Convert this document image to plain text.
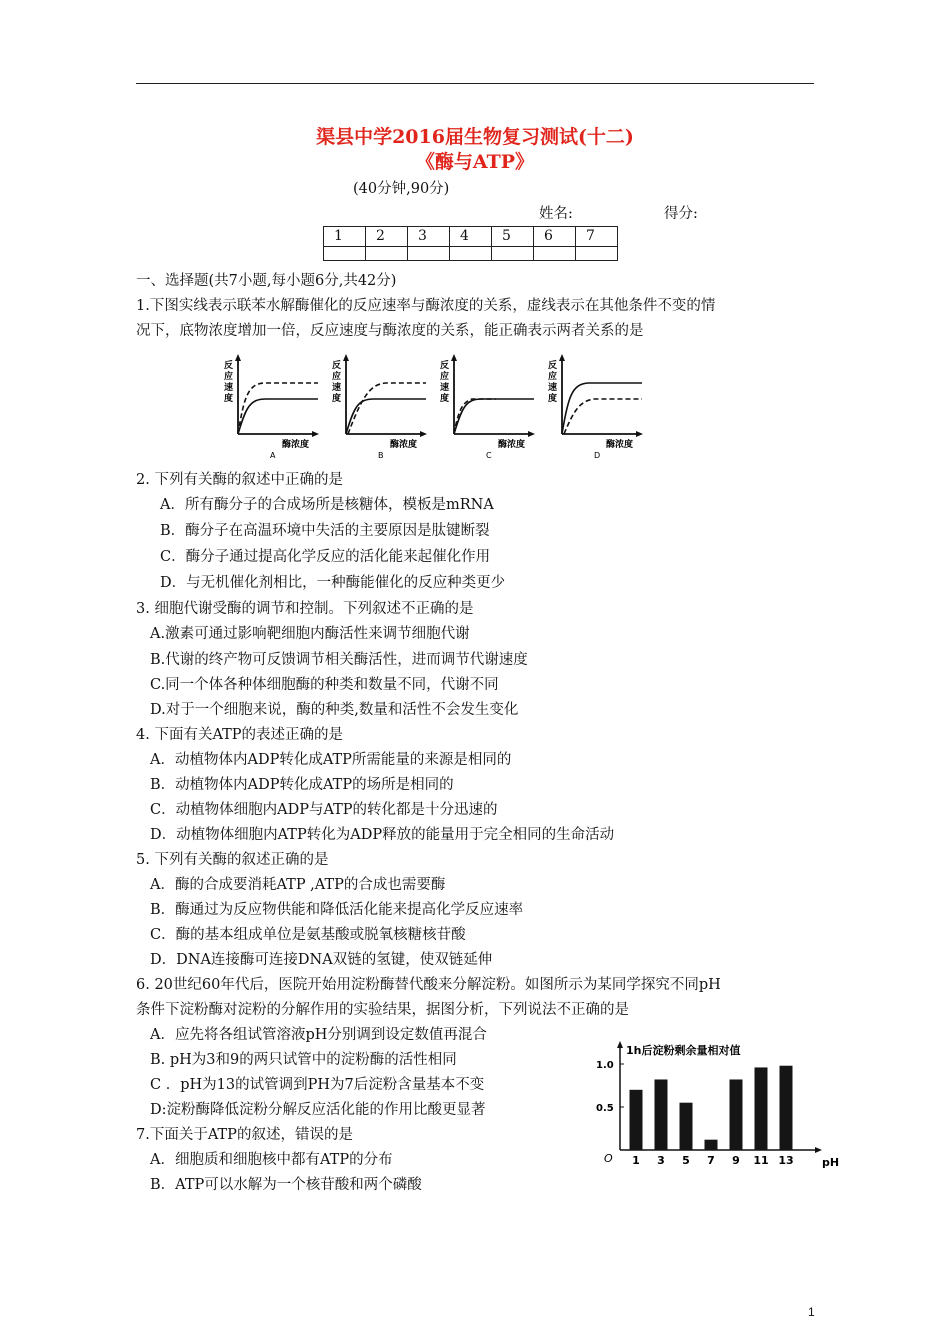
渠县中学2016届生物复习测试(十二)
《酶与ATP》
(40分钟,90分)
姓名:	得分:
1	2	3	4	5	6	7

一、选择题(共7小题,每小题6分,共42分)
1.下图实线表示联苯水解酶催化的反应速率与酶浓度的关系，虚线表示在其他条件不变的情
况下，底物浓度增加一倍，反应速度与酶浓度的关系，能正确表示两者关系的是
反
应
速
度
酶浓度
A
反
应
速
度
酶浓度
B
反
应
速
度
酶浓度
C
反
应
速
度
酶浓度
D
2. 下列有关酶的叙述中正确的是
A．所有酶分子的合成场所是核糖体，模板是mRNA
B．酶分子在高温环境中失活的主要原因是肽键断裂
C．酶分子通过提高化学反应的活化能来起催化作用
D．与无机催化剂相比，一种酶能催化的反应种类更少
3. 细胞代谢受酶的调节和控制。下列叙述不正确的是
A.激素可通过影响靶细胞内酶活性来调节细胞代谢
B.代谢的终产物可反馈调节相关酶活性，进而调节代谢速度
C.同一个体各种体细胞酶的种类和数量不同，代谢不同
D.对于一个细胞来说，酶的种类,数量和活性不会发生变化
4. 下面有关ATP的表述正确的是
A．动植物体内ADP转化成ATP所需能量的来源是相同的
B．动植物体内ADP转化成ATP的场所是相同的
C．动植物体细胞内ADP与ATP的转化都是十分迅速的
D．动植物体细胞内ATP转化为ADP释放的能量用于完全相同的生命活动
5. 下列有关酶的叙述正确的是
A．酶的合成要消耗ATP ,ATP的合成也需要酶
B．酶通过为反应物供能和降低活化能来提高化学反应速率
C．酶的基本组成单位是氨基酸或脱氧核糖核苷酸
D．DNA连接酶可连接DNA双链的氢键，使双链延伸
6. 20世纪60年代后，医院开始用淀粉酶替代酸来分解淀粉。如图所示为某同学探究不同pH
条件下淀粉酶对淀粉的分解作用的实验结果，据图分析，下列说法不正确的是
A．应先将各组试管溶液pH分别调到设定数值再混合
B. pH为3和9的两只试管中的淀粉酶的活性相同
C ．pH为13的试管调到PH为7后淀粉含量基本不变
D:淀粉酶降低淀粉分解反应活化能的作用比酸更显著
1h后淀粉剩余量相对值
O	pH
1 3 5 7 9 11 13
1.0
0.5
7.下面关于ATP的叙述，错误的是
A．细胞质和细胞核中都有ATP的分布
B．ATP可以水解为一个核苷酸和两个磷酸
1
